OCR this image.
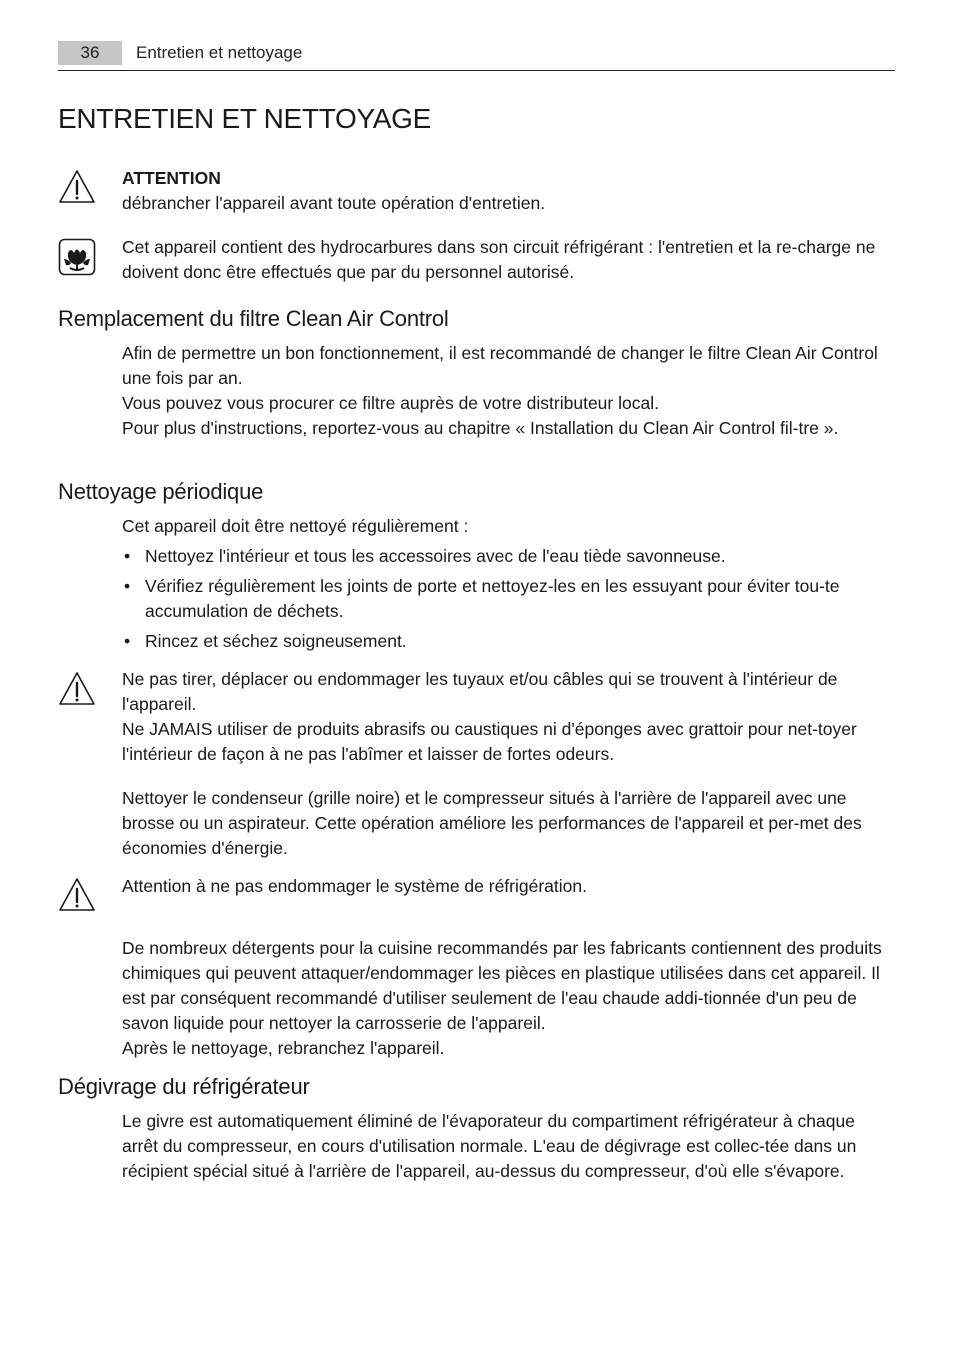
36	Entretien et nettoyage
ENTRETIEN ET NETTOYAGE

ATTENTION

débrancher l'appareil avant toute opération d'entretien.

Cet appareil contient des hydrocarbures dans son circuit réfrigérant : l'entretien et la re-charge ne doivent donc être effectués que par du personnel autorisé.

Remplacement du filtre Clean Air Control

Afin de permettre un bon fonctionnement, il est recommandé de changer le filtre Clean Air Control une fois par an.

Vous pouvez vous procurer ce filtre auprès de votre distributeur local.

Pour plus d'instructions, reportez-vous au chapitre « Installation du Clean Air Control fil-tre ».

Nettoyage périodique

Cet appareil doit être nettoyé régulièrement :

• Nettoyez l'intérieur et tous les accessoires avec de l'eau tiède savonneuse.
• Vérifiez régulièrement les joints de porte et nettoyez-les en les essuyant pour éviter tou-te accumulation de déchets.
• Rincez et séchez soigneusement.

Ne pas tirer, déplacer ou endommager les tuyaux et/ou câbles qui se trouvent à l'intérieur de l'appareil.

Ne JAMAIS utiliser de produits abrasifs ou caustiques ni d'éponges avec grattoir pour net-toyer l'intérieur de façon à ne pas l'abîmer et laisser de fortes odeurs.

Nettoyer le condenseur (grille noire) et le compresseur situés à l'arrière de l'appareil avec une brosse ou un aspirateur. Cette opération améliore les performances de l'appareil et per-met des économies d'énergie.

Attention à ne pas endommager le système de réfrigération.

De nombreux détergents pour la cuisine recommandés par les fabricants contiennent des produits chimiques qui peuvent attaquer/endommager les pièces en plastique utilisées dans cet appareil. Il est par conséquent recommandé d'utiliser seulement de l'eau chaude addi-tionnée d'un peu de savon liquide pour nettoyer la carrosserie de l'appareil.

Après le nettoyage, rebranchez l'appareil.

Dégivrage du réfrigérateur

Le givre est automatiquement éliminé de l'évaporateur du compartiment réfrigérateur à chaque arrêt du compresseur, en cours d'utilisation normale. L'eau de dégivrage est collec-tée dans un récipient spécial situé à l'arrière de l'appareil, au-dessus du compresseur, d'où elle s'évapore.
